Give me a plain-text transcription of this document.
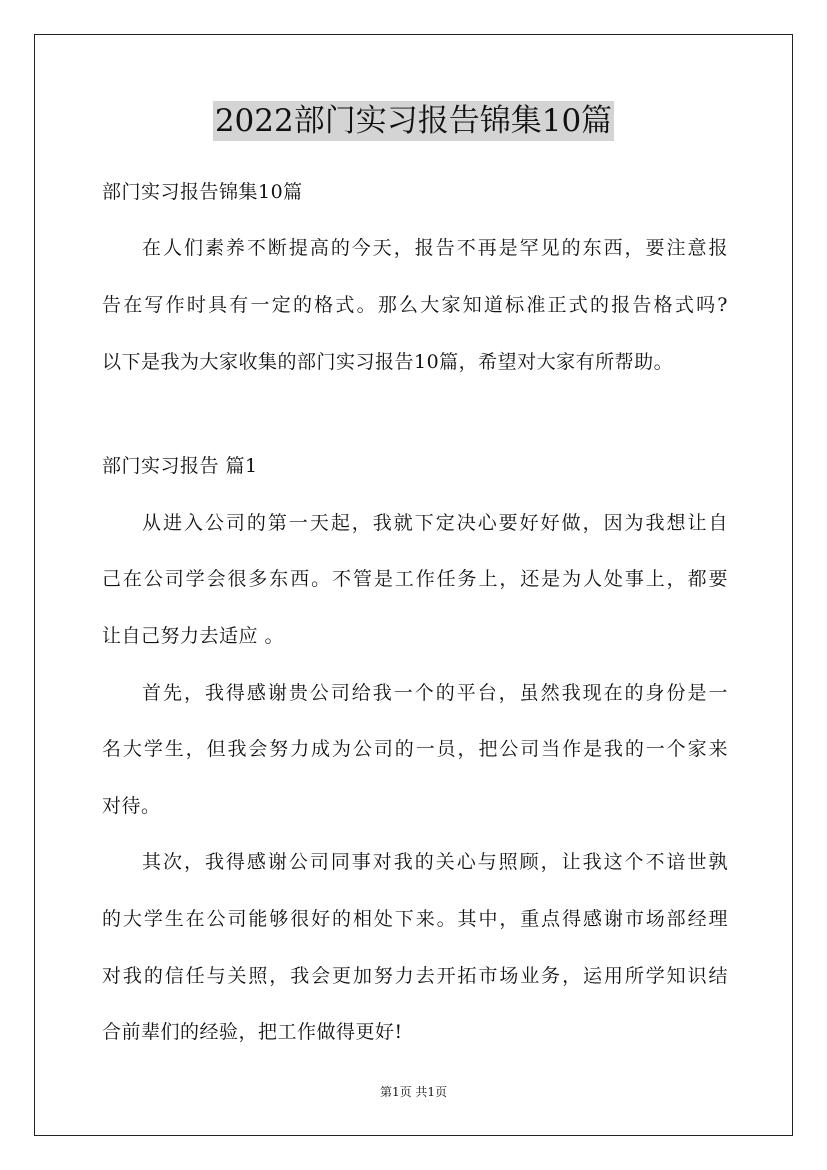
2022部门实习报告锦集10篇
部门实习报告锦集10篇
在人们素养不断提高的今天，报告不再是罕见的东西，要注意报
告在写作时具有一定的格式。那么大家知道标准正式的报告格式吗?
以下是我为大家收集的部门实习报告10篇，希望对大家有所帮助。
部门实习报告 篇1
从进入公司的第一天起，我就下定决心要好好做，因为我想让自
己在公司学会很多东西。不管是工作任务上，还是为人处事上，都要
让自己努力去适应 。
首先，我得感谢贵公司给我一个的平台，虽然我现在的身份是一
名大学生，但我会努力成为公司的一员，把公司当作是我的一个家来
对待。
其次，我得感谢公司同事对我的关心与照顾，让我这个不谙世孰
的大学生在公司能够很好的相处下来。其中，重点得感谢市场部经理
对我的信任与关照，我会更加努力去开拓市场业务，运用所学知识结
合前辈们的经验，把工作做得更好!
第1页 共1页
